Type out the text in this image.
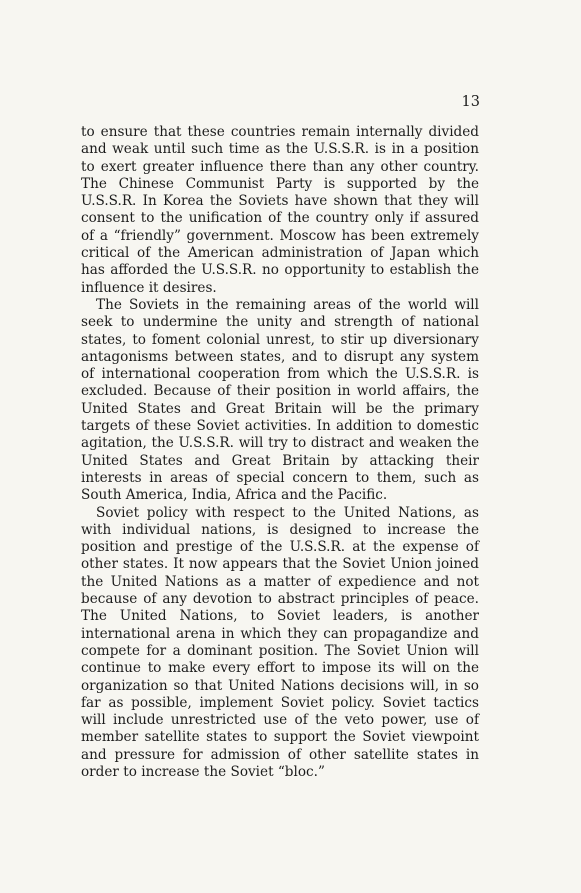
13

to ensure that these countries remain internally divided and weak until such time as the U.S.S.R. is in a position to exert greater influence there than any other country. The Chinese Communist Party is supported by the U.S.S.R. In Korea the Soviets have shown that they will consent to the unification of the country only if assured of a “friendly” government. Moscow has been extremely critical of the American administration of Japan which has afforded the U.S.S.R. no opportunity to establish the influence it desires.

The Soviets in the remaining areas of the world will seek to undermine the unity and strength of national states, to foment colonial unrest, to stir up diversionary antagonisms between states, and to disrupt any system of international cooperation from which the U.S.S.R. is excluded. Because of their position in world affairs, the United States and Great Britain will be the primary targets of these Soviet activities. In addition to domestic agitation, the U.S.S.R. will try to distract and weaken the United States and Great Britain by attacking their interests in areas of special concern to them, such as South America, India, Africa and the Pacific.

Soviet policy with respect to the United Nations, as with individual nations, is designed to increase the position and prestige of the U.S.S.R. at the expense of other states. It now appears that the Soviet Union joined the United Nations as a matter of expedience and not because of any devotion to abstract principles of peace. The United Nations, to Soviet leaders, is another international arena in which they can propagandize and compete for a dominant position. The Soviet Union will continue to make every effort to impose its will on the organization so that United Nations decisions will, in so far as possible, implement Soviet policy. Soviet tactics will include unrestricted use of the veto power, use of member satellite states to support the Soviet viewpoint and pressure for admission of other satellite states in order to increase the Soviet “bloc.”
